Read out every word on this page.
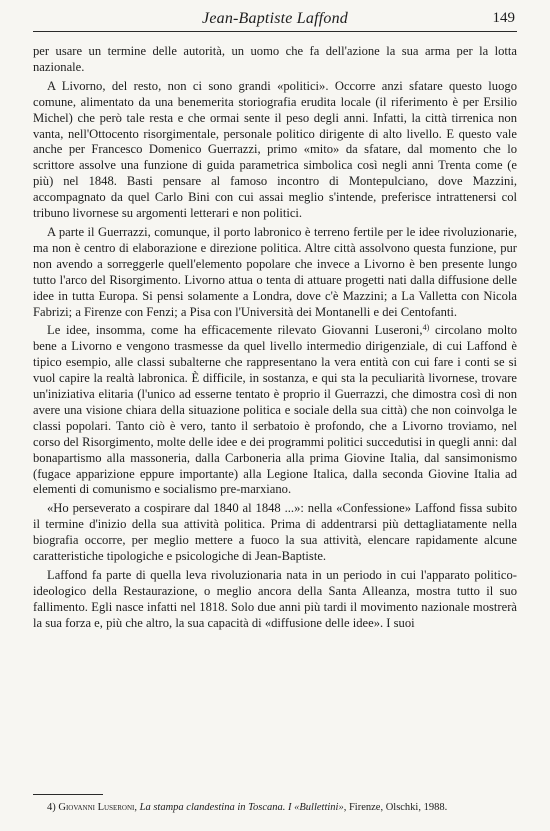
Jean-Baptiste Laffond	149

per usare un termine delle autorità, un uomo che fa dell'azione la sua arma per la lotta nazionale.

A Livorno, del resto, non ci sono grandi «politici». Occorre anzi sfatare questo luogo comune, alimentato da una benemerita storiografia erudita locale (il riferimento è per Ersilio Michel) che però tale resta e che ormai sente il peso degli anni. Infatti, la città tirrenica non vanta, nell'Ottocento risorgimentale, personale politico dirigente di alto livello. E questo vale anche per Francesco Domenico Guerrazzi, primo «mito» da sfatare, dal momento che lo scrittore assolve una funzione di guida parametrica simbolica così negli anni Trenta come (e più) nel 1848. Basti pensare al famoso incontro di Montepulciano, dove Mazzini, accompagnato da quel Carlo Bini con cui assai meglio s'intende, preferisce intrattenersi col tribuno livornese su argomenti letterari e non politici.

A parte il Guerrazzi, comunque, il porto labronico è terreno fertile per le idee rivoluzionarie, ma non è centro di elaborazione e direzione politica. Altre città assolvono questa funzione, pur non avendo a sorreggerle quell'elemento popolare che invece a Livorno è ben presente lungo tutto l'arco del Risorgimento. Livorno attua o tenta di attuare progetti nati dalla diffusione delle idee in tutta Europa. Si pensi solamente a Londra, dove c'è Mazzini; a La Valletta con Nicola Fabrizi; a Firenze con Fenzi; a Pisa con l'Università dei Montanelli e dei Centofanti.

Le idee, insomma, come ha efficacemente rilevato Giovanni Luseroni,$^{4)}$ circolano molto bene a Livorno e vengono trasmesse da quel livello intermedio dirigenziale, di cui Laffond è tipico esempio, alle classi subalterne che rappresentano la vera entità con cui fare i conti se si vuol capire la realtà labronica. È difficile, in sostanza, e qui sta la peculiarità livornese, trovare un'iniziativa elitaria (l'unico ad esserne tentato è proprio il Guerrazzi, che dimostra così di non avere una visione chiara della situazione politica e sociale della sua città) che non coinvolga le classi popolari. Tanto ciò è vero, tanto il serbatoio è profondo, che a Livorno troviamo, nel corso del Risorgimento, molte delle idee e dei programmi politici succedutisi in quegli anni: dal bonapartismo alla massoneria, dalla Carboneria alla prima Giovine Italia, dal sansimonismo (fugace apparizione eppure importante) alla Legione Italica, dalla seconda Giovine Italia ad elementi di comunismo e socialismo pre-marxiano.

«Ho perseverato a cospirare dal 1840 al 1848 ...»: nella «Confessione» Laffond fissa subito il termine d'inizio della sua attività politica. Prima di addentrarsi più dettagliatamente nella biografia occorre, per meglio mettere a fuoco la sua attività, elencare rapidamente alcune caratteristiche tipologiche e psicologiche di Jean-Baptiste.

Laffond fa parte di quella leva rivoluzionaria nata in un periodo in cui l'apparato politico-ideologico della Restaurazione, o meglio ancora della Santa Alleanza, mostra tutto il suo fallimento. Egli nasce infatti nel 1818. Solo due anni più tardi il movimento nazionale mostrerà la sua forza e, più che altro, la sua capacità di «diffusione delle idee». I suoi

4) Giovanni Luseroni, La stampa clandestina in Toscana. I «Bullettini», Firenze, Olschki, 1988.
